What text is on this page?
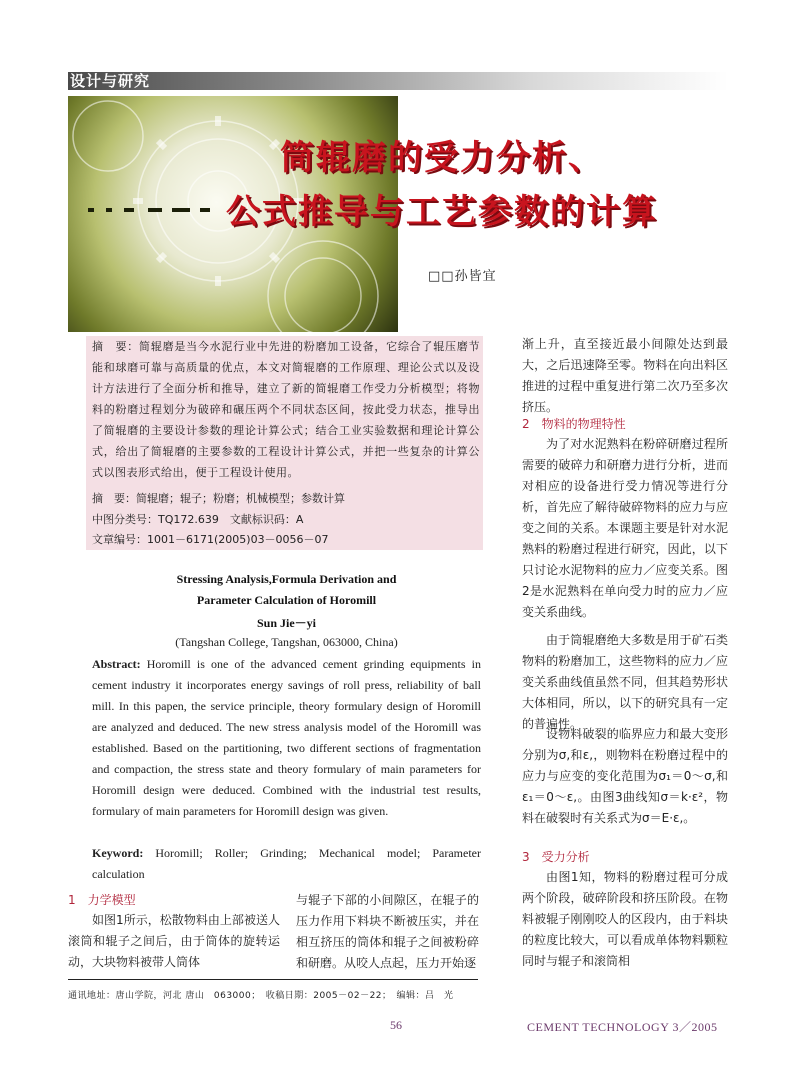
设计与研究
筒辊磨的受力分析、
公式推导与工艺参数的计算
□□孙皆宜
摘　要：简辊磨是当今水泥行业中先进的粉磨加工设备，它综合了辊压磨节能和球磨可靠与高质量的优点，本文对简辊磨的工作原理、理论公式以及设计方法进行了全面分析和推导，建立了新的简辊磨工作受力分析模型；将物料的粉磨过程划分为破碎和碾压两个不同状态区间，按此受力状态，推导出了简辊磨的主要设计参数的理论计算公式；结合工业实验数据和理论计算公式，给出了简辊磨的主要参数的工程设计计算公式，并把一些复杂的计算公式以图表形式给出，便于工程设计使用。
摘　要：简辊磨；辊子；粉磨；机械模型；参数计算
中图分类号：TQ172.639　文献标识码：A
文章编号：1001－6171(2005)03－0056－07
Stressing Analysis,Formula Derivation and
Parameter Calculation of Horomill
Sun Jie－yi
(Tangshan College, Tangshan, 063000, China)
Abstract: Horomill is one of the advanced cement grinding equipments in cement industry it incorporates energy savings of roll press, reliability of ball mill. In this papen, the service principle, theory formulary design of Horomill are analyzed and deduced. The new stress analysis model of the Horomill was established. Based on the partitioning, two different sections of fragmentation and compaction, the stress state and theory formulary of main parameters for Horomill design were deduced. Combined with the industrial test results, formulary of main parameters for Horomill design was given.
Keyword: Horomill; Roller; Grinding; Mechanical model; Parameter calculation
1　力学模型
如图1所示，松散物料由上部被送人滚筒和辊子之间后，由于筒体的旋转运动，大块物料被带人筒体
与辊子下部的小间隙区，在辊子的压力作用下料块不断被压实，并在相互挤压的筒体和辊子之间被粉碎和研磨。从咬人点起，压力开始逐
渐上升，直至接近最小间隙处达到最大，之后迅速降至零。物料在向出料区推进的过程中重复进行第二次乃至多次挤压。
2　物料的物理特性
为了对水泥熟料在粉碎研磨过程所需要的破碎力和研磨力进行分析，进而对相应的设备进行受力情况等进行分析，首先应了解待破碎物料的应力与应变之间的关系。本课题主要是针对水泥熟料的粉磨过程进行研究，因此，以下只讨论水泥物料的应力／应变关系。图2是水泥熟料在单向受力时的应力／应变关系曲线。
由于筒辊磨绝大多数是用于矿石类物料的粉磨加工，这些物料的应力／应变关系曲线值虽然不同，但其趋势形状大体相同，所以，以下的研究具有一定的普遍性。
设物料破裂的临界应力和最大变形分别为σ,和ε,，则物料在粉磨过程中的应力与应变的变化范围为σ₁＝0～σ,和ε₁＝0～ε,。由图3曲线知σ＝k·ε²，物料在破裂时有关系式为σ＝E·ε,。
3　受力分析
由图1知，物料的粉磨过程可分成两个阶段，破碎阶段和挤压阶段。在物料被辊子刚刚咬人的区段内，由于料块的粒度比较大，可以看成单体物料颗粒同时与辊子和滚筒相
通讯地址：唐山学院，河北 唐山　063000；　收稿日期：2005－02－22；　编辑：吕　光
56	CEMENT TECHNOLOGY 3／2005
